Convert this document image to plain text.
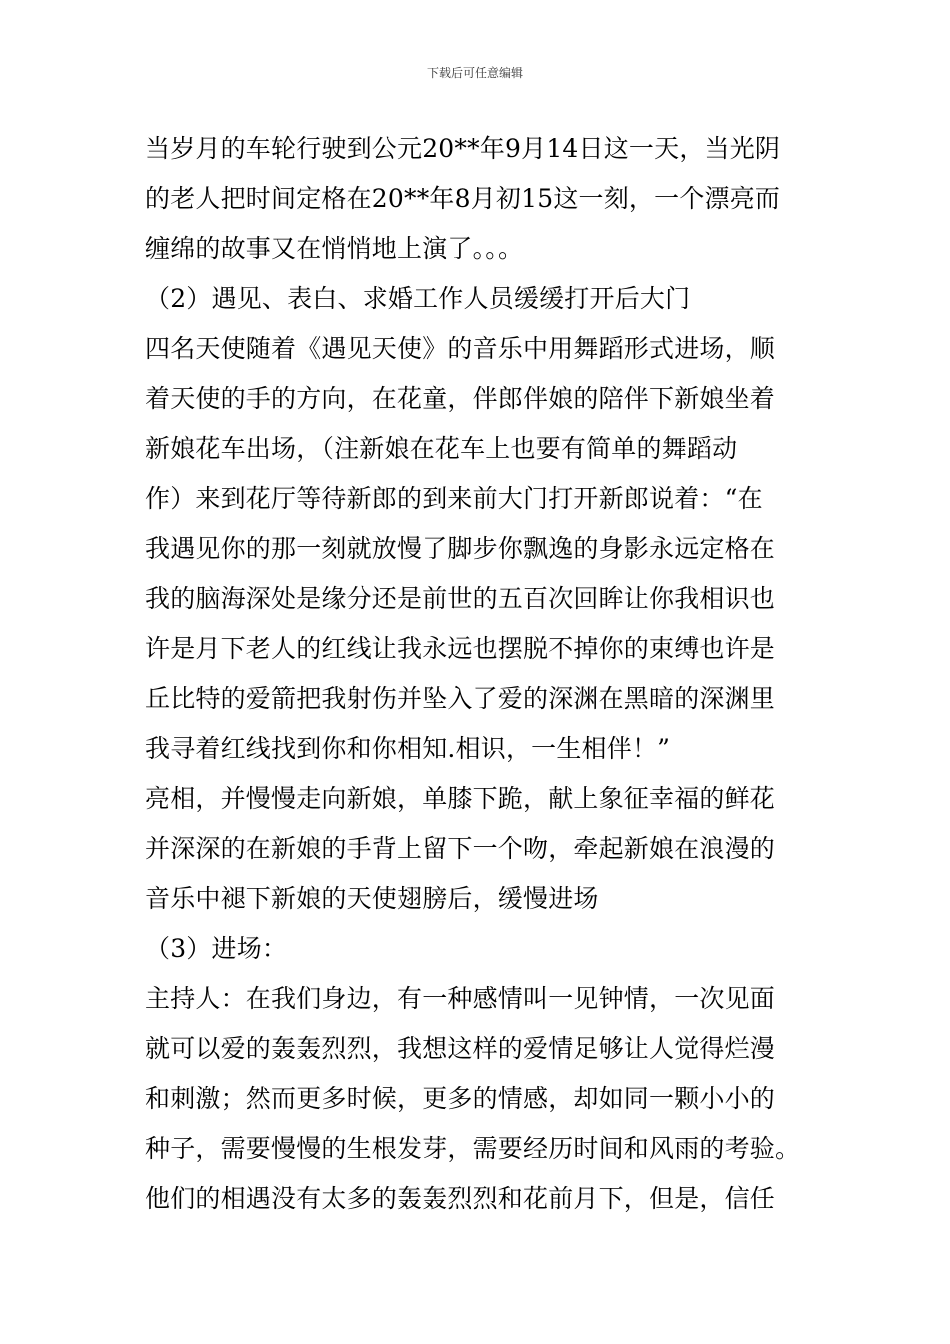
下载后可任意编辑
当岁月的车轮行驶到公元20**年9月14日这一天，当光阴
的老人把时间定格在20**年8月初15这一刻，一个漂亮而
缠绵的故事又在悄悄地上演了。。。
（2）遇见、表白、求婚工作人员缓缓打开后大门
四名天使随着《遇见天使》的音乐中用舞蹈形式进场，顺
着天使的手的方向，在花童，伴郎伴娘的陪伴下新娘坐着
新娘花车出场，（注新娘在花车上也要有简单的舞蹈动
作）来到花厅等待新郎的到来前大门打开新郎说着：“在
我遇见你的那一刻就放慢了脚步你飘逸的身影永远定格在
我的脑海深处是缘分还是前世的五百次回眸让你我相识也
许是月下老人的红线让我永远也摆脱不掉你的束缚也许是
丘比特的爱箭把我射伤并坠入了爱的深渊在黑暗的深渊里
我寻着红线找到你和你相知.相识，一生相伴！”
亮相，并慢慢走向新娘，单膝下跪，献上象征幸福的鲜花
并深深的在新娘的手背上留下一个吻，牵起新娘在浪漫的
音乐中褪下新娘的天使翅膀后，缓慢进场
（3）进场：
主持人：在我们身边，有一种感情叫一见钟情，一次见面
就可以爱的轰轰烈烈，我想这样的爱情足够让人觉得烂漫
和刺激；然而更多时候，更多的情感，却如同一颗小小的
种子，需要慢慢的生根发芽，需要经历时间和风雨的考验。
他们的相遇没有太多的轰轰烈烈和花前月下，但是，信任
